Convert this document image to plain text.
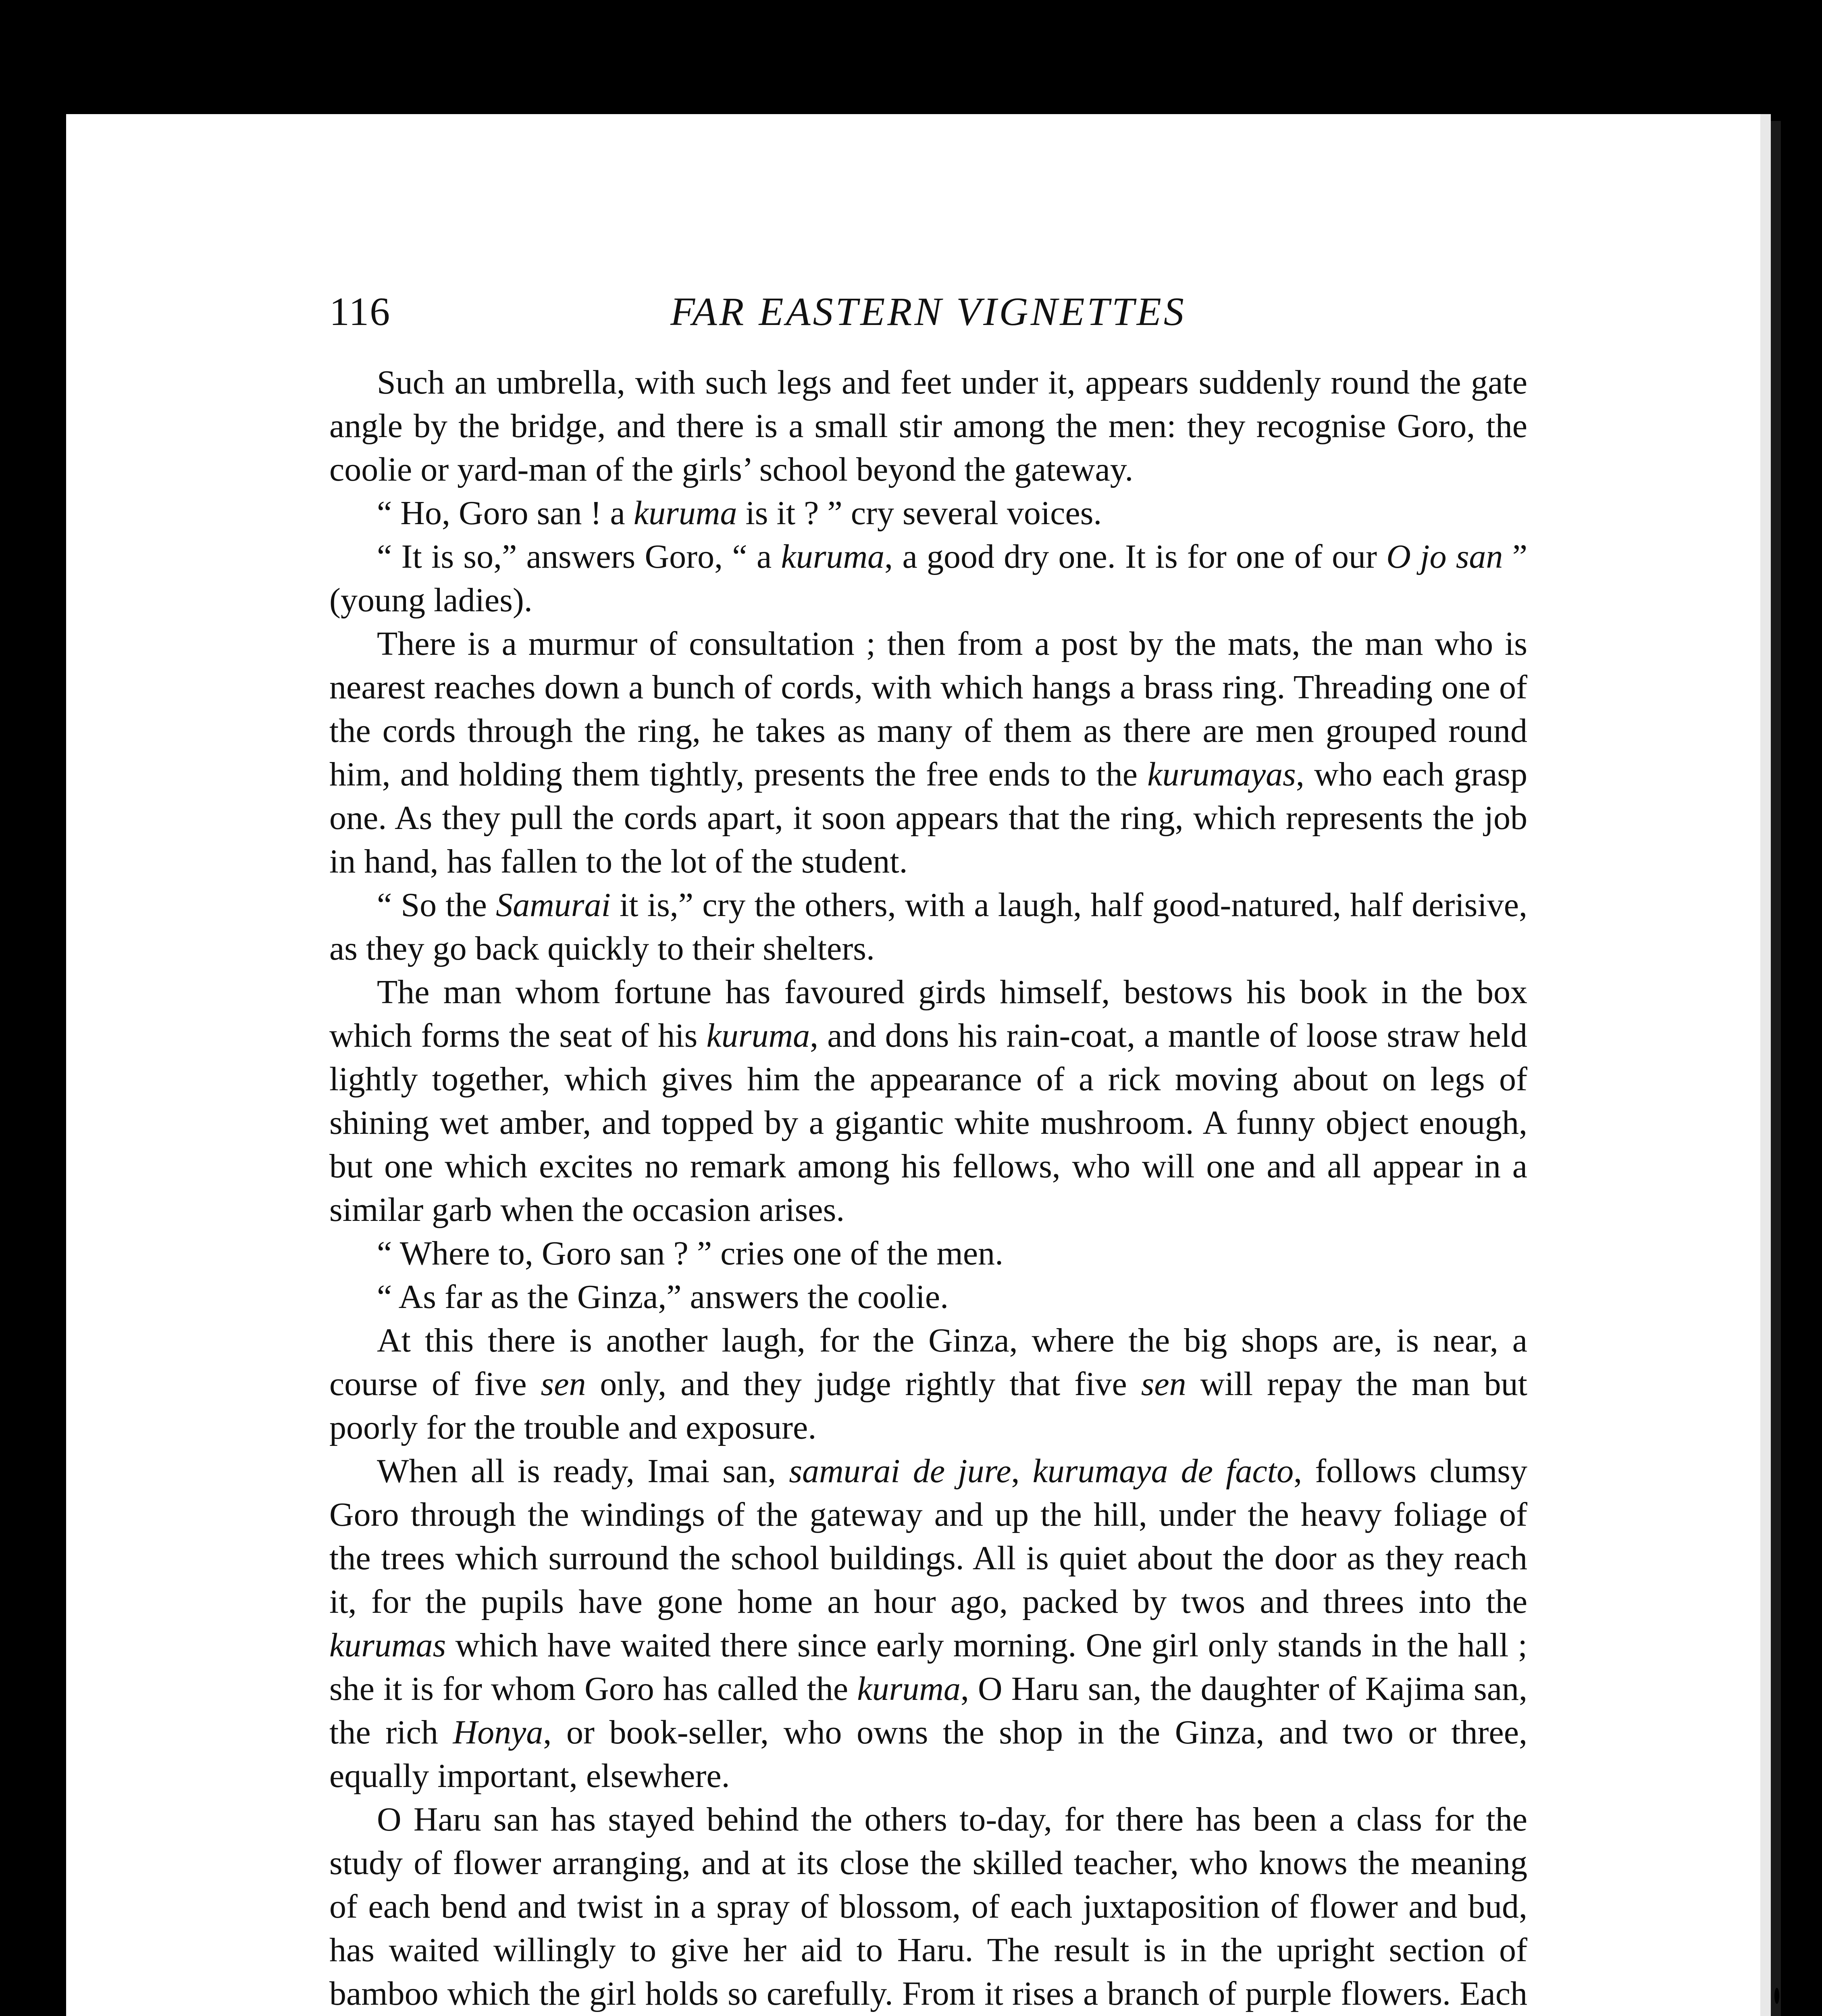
116	FAR EASTERN VIGNETTES

Such an umbrella, with such legs and feet under it, appears suddenly round the gate angle by the bridge, and there is a small stir among the men: they recognise Goro, the coolie or yard-man of the girls’ school beyond the gateway.

“ Ho, Goro san ! a kuruma is it ? ” cry several voices.

“ It is so,” answers Goro, “ a kuruma, a good dry one. It is for one of our O jo san ” (young ladies).

There is a murmur of consultation ; then from a post by the mats, the man who is nearest reaches down a bunch of cords, with which hangs a brass ring. Threading one of the cords through the ring, he takes as many of them as there are men grouped round him, and holding them tightly, presents the free ends to the kurumayas, who each grasp one. As they pull the cords apart, it soon appears that the ring, which represents the job in hand, has fallen to the lot of the student.

“ So the Samurai it is,” cry the others, with a laugh, half good-natured, half derisive, as they go back quickly to their shelters.

The man whom fortune has favoured girds himself, bestows his book in the box which forms the seat of his kuruma, and dons his rain-coat, a mantle of loose straw held lightly together, which gives him the appearance of a rick moving about on legs of shining wet amber, and topped by a gigantic white mushroom. A funny object enough, but one which excites no remark among his fellows, who will one and all appear in a similar garb when the occasion arises.

“ Where to, Goro san ? ” cries one of the men.

“ As far as the Ginza,” answers the coolie.

At this there is another laugh, for the Ginza, where the big shops are, is near, a course of five sen only, and they judge rightly that five sen will repay the man but poorly for the trouble and exposure.

When all is ready, Imai san, samurai de jure, kurumaya de facto, follows clumsy Goro through the windings of the gateway and up the hill, under the heavy foliage of the trees which surround the school buildings. All is quiet about the door as they reach it, for the pupils have gone home an hour ago, packed by twos and threes into the kurumas which have waited there since early morning. One girl only stands in the hall ; she it is for whom Goro has called the kuruma, O Haru san, the daughter of Kajima san, the rich Honya, or book-seller, who owns the shop in the Ginza, and two or three, equally important, elsewhere.

O Haru san has stayed behind the others to-day, for there has been a class for the study of flower arranging, and at its close the skilled teacher, who knows the meaning of each bend and twist in a spray of blossom, of each juxtaposition of flower and bud, has waited willingly to give her aid to Haru. The result is in the upright section of bamboo which the girl holds so carefully. From it rises a branch of purple flowers. Each
